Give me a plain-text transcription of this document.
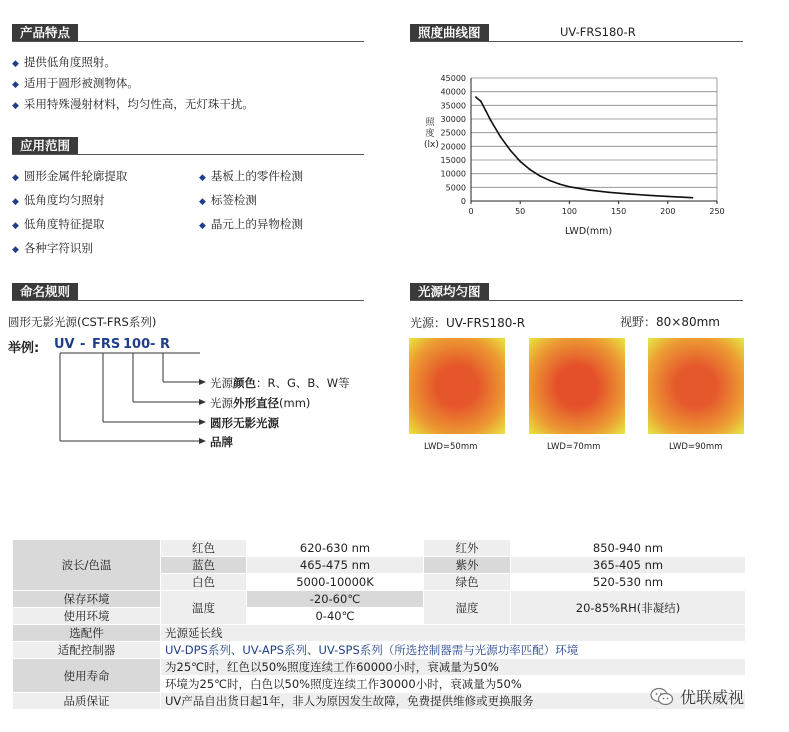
产品特点
◆ 提供低角度照射。
◆ 适用于圆形被测物体。
◆ 采用特殊漫射材料，均匀性高，无灯珠干扰。
应用范围
◆ 圆形金属件轮廓提取
◆ 低角度均匀照射
◆ 低角度特征提取
◆ 各种字符识别
◆ 基板上的零件检测
◆ 标签检测
◆ 晶元上的异物检测
命名规则
圆形无影光源(CST-FRS系列)
举例: UV - FRS 100 - R
光源颜色：R、G、B、W等
光源外形直径(mm)
圆形无影光源
品牌
照度曲线图	UV-FRS180-R
0
5000
10000
15000
20000
25000
30000
35000
40000
45000
0	50	100	150	200	250
照度(lx)
LWD(mm)
光源均匀图
光源：UV-FRS180-R	视野：80×80mm
LWD=50mm	LWD=70mm	LWD=90mm
波长/色温	红色	620-630 nm	红外	850-940 nm
	蓝色	465-475 nm	紫外	365-405 nm
	白色	5000-10000K	绿色	520-530 nm
保存环境	温度	-20-60℃	湿度	20-85%RH(非凝结)
使用环境		0-40℃		
选配件	光源延长线			
适配控制器	UV-DPS系列、UV-APS系列、UV-SPS系列（所选控制器需与光源功率匹配）环境			
使用寿命	为25℃时，红色以50%照度连续工作60000小时，衰减量为50%			
	环境为25℃时，白色以50%照度连续工作30000小时，衰减量为50%			
品质保证	UV产品自出货日起1年，非人为原因发生故障，免费提供维修或更换服务				优联威视
